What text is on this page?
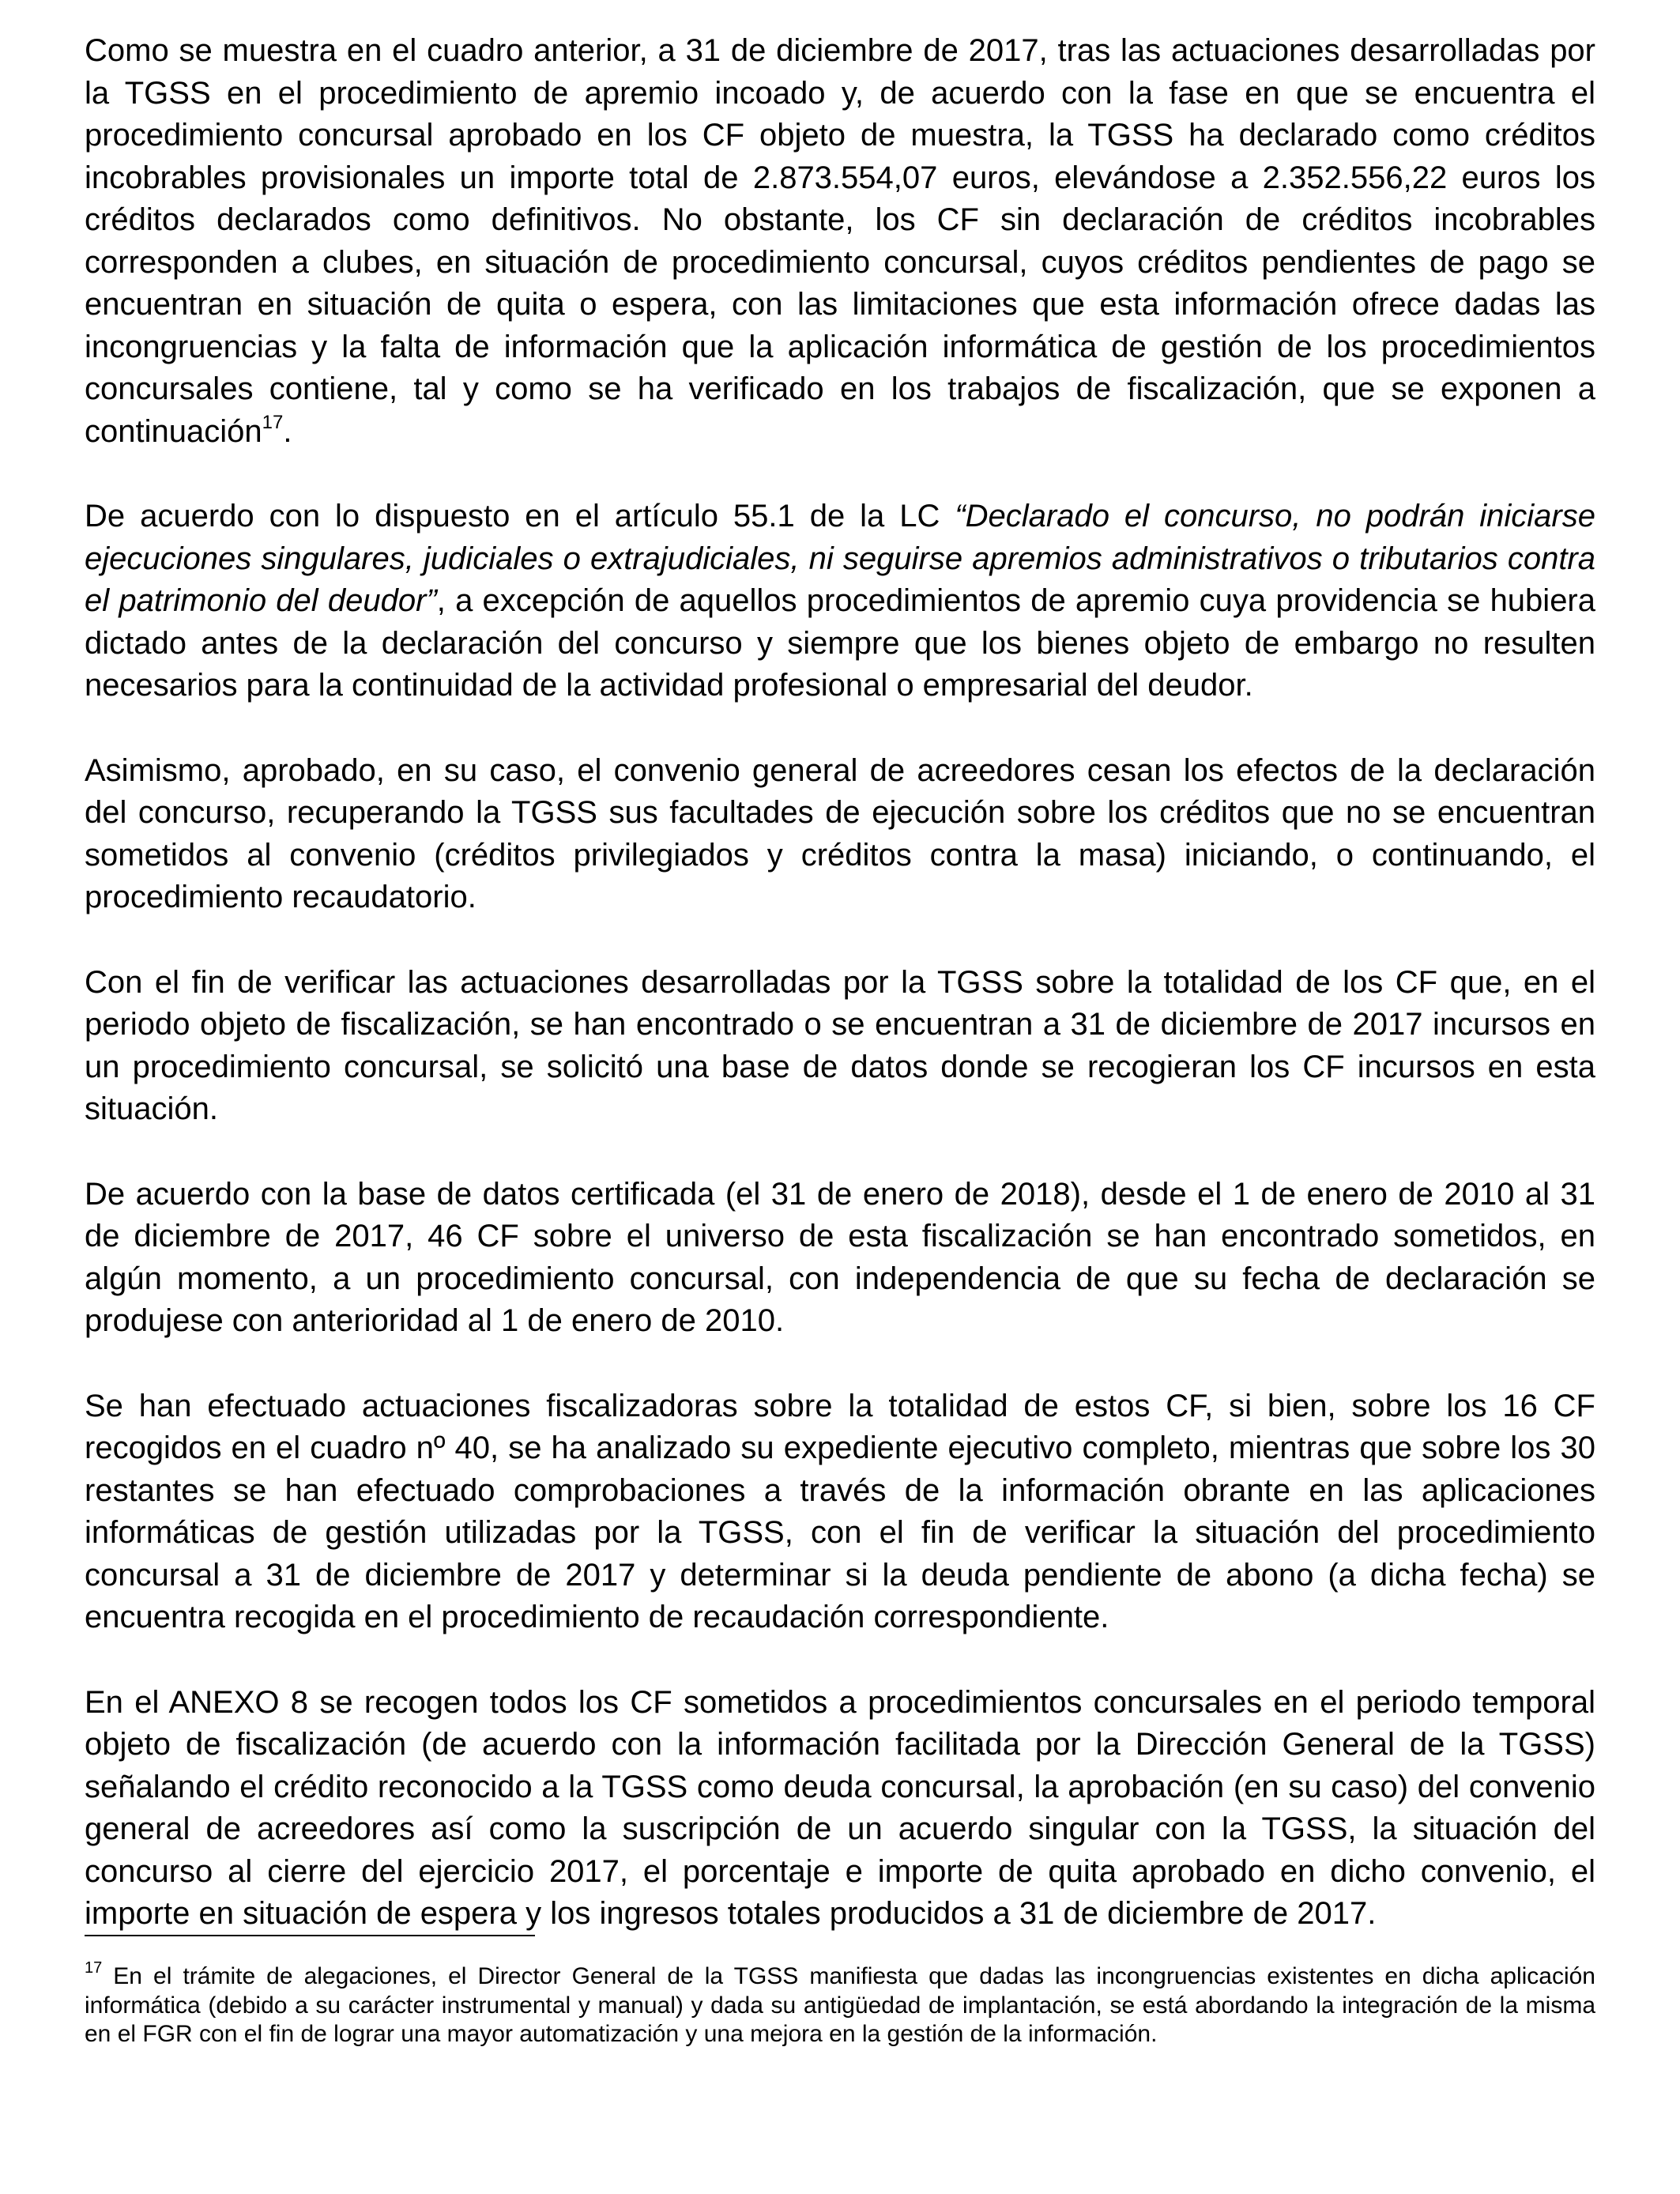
Como se muestra en el cuadro anterior, a 31 de diciembre de 2017, tras las actuaciones desarrolladas por la TGSS en el procedimiento de apremio incoado y, de acuerdo con la fase en que se encuentra el procedimiento concursal aprobado en los CF objeto de muestra, la TGSS ha declarado como créditos incobrables provisionales un importe total de 2.873.554,07 euros, elevándose a 2.352.556,22 euros los créditos declarados como definitivos. No obstante, los CF sin declaración de créditos incobrables corresponden a clubes, en situación de procedimiento concursal, cuyos créditos pendientes de pago se encuentran en situación de quita o espera, con las limitaciones que esta información ofrece dadas las incongruencias y la falta de información que la aplicación informática de gestión de los procedimientos concursales contiene, tal y como se ha verificado en los trabajos de fiscalización, que se exponen a continuación$^{17}$.

De acuerdo con lo dispuesto en el artículo 55.1 de la LC “Declarado el concurso, no podrán iniciarse ejecuciones singulares, judiciales o extrajudiciales, ni seguirse apremios administrativos o tributarios contra el patrimonio del deudor”, a excepción de aquellos procedimientos de apremio cuya providencia se hubiera dictado antes de la declaración del concurso y siempre que los bienes objeto de embargo no resulten necesarios para la continuidad de la actividad profesional o empresarial del deudor.

Asimismo, aprobado, en su caso, el convenio general de acreedores cesan los efectos de la declaración del concurso, recuperando la TGSS sus facultades de ejecución sobre los créditos que no se encuentran sometidos al convenio (créditos privilegiados y créditos contra la masa) iniciando, o continuando, el procedimiento recaudatorio.

Con el fin de verificar las actuaciones desarrolladas por la TGSS sobre la totalidad de los CF que, en el periodo objeto de fiscalización, se han encontrado o se encuentran a 31 de diciembre de 2017 incursos en un procedimiento concursal, se solicitó una base de datos donde se recogieran los CF incursos en esta situación.

De acuerdo con la base de datos certificada (el 31 de enero de 2018), desde el 1 de enero de 2010 al 31 de diciembre de 2017, 46 CF sobre el universo de esta fiscalización se han encontrado sometidos, en algún momento, a un procedimiento concursal, con independencia de que su fecha de declaración se produjese con anterioridad al 1 de enero de 2010.

Se han efectuado actuaciones fiscalizadoras sobre la totalidad de estos CF, si bien, sobre los 16 CF recogidos en el cuadro nº 40, se ha analizado su expediente ejecutivo completo, mientras que sobre los 30 restantes se han efectuado comprobaciones a través de la información obrante en las aplicaciones informáticas de gestión utilizadas por la TGSS, con el fin de verificar la situación del procedimiento concursal a 31 de diciembre de 2017 y determinar si la deuda pendiente de abono (a dicha fecha) se encuentra recogida en el procedimiento de recaudación correspondiente.

En el ANEXO 8 se recogen todos los CF sometidos a procedimientos concursales en el periodo temporal objeto de fiscalización (de acuerdo con la información facilitada por la Dirección General de la TGSS) señalando el crédito reconocido a la TGSS como deuda concursal, la aprobación (en su caso) del convenio general de acreedores así como la suscripción de un acuerdo singular con la TGSS, la situación del concurso al cierre del ejercicio 2017, el porcentaje e importe de quita aprobado en dicho convenio, el importe en situación de espera y los ingresos totales producidos a 31 de diciembre de 2017.

$^{17}$ En el trámite de alegaciones, el Director General de la TGSS manifiesta que dadas las incongruencias existentes en dicha aplicación informática (debido a su carácter instrumental y manual) y dada su antigüedad de implantación, se está abordando la integración de la misma en el FGR con el fin de lograr una mayor automatización y una mejora en la gestión de la información.
